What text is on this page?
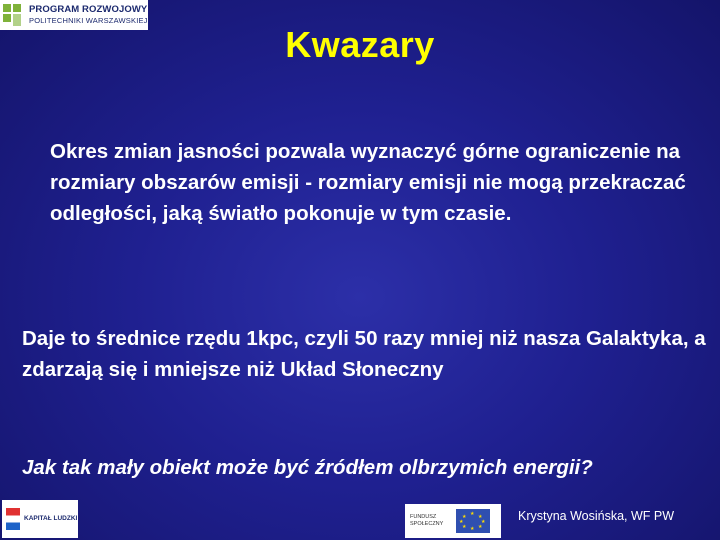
PROGRAM ROZWOJOWY
POLITECHNIKI WARSZAWSKIEJ
Kwazary
Okres zmian jasności pozwala wyznaczyć górne ograniczenie na rozmiary obszarów emisji - rozmiary emisji nie mogą przekraczać odległości, jaką światło pokonuje w tym czasie.
Daje to średnice rzędu 1kpc, czyli 50 razy mniej niż nasza Galaktyka, a zdarzają się i mniejsze niż Układ Słoneczny
Jak tak mały obiekt może być źródłem olbrzymich energii?
KAPITAŁ LUDZKI	FUNDUSZ SPOŁECZNY
★
★ ★
★	★
★ ★
★
Krystyna Wosińska, WF PW
